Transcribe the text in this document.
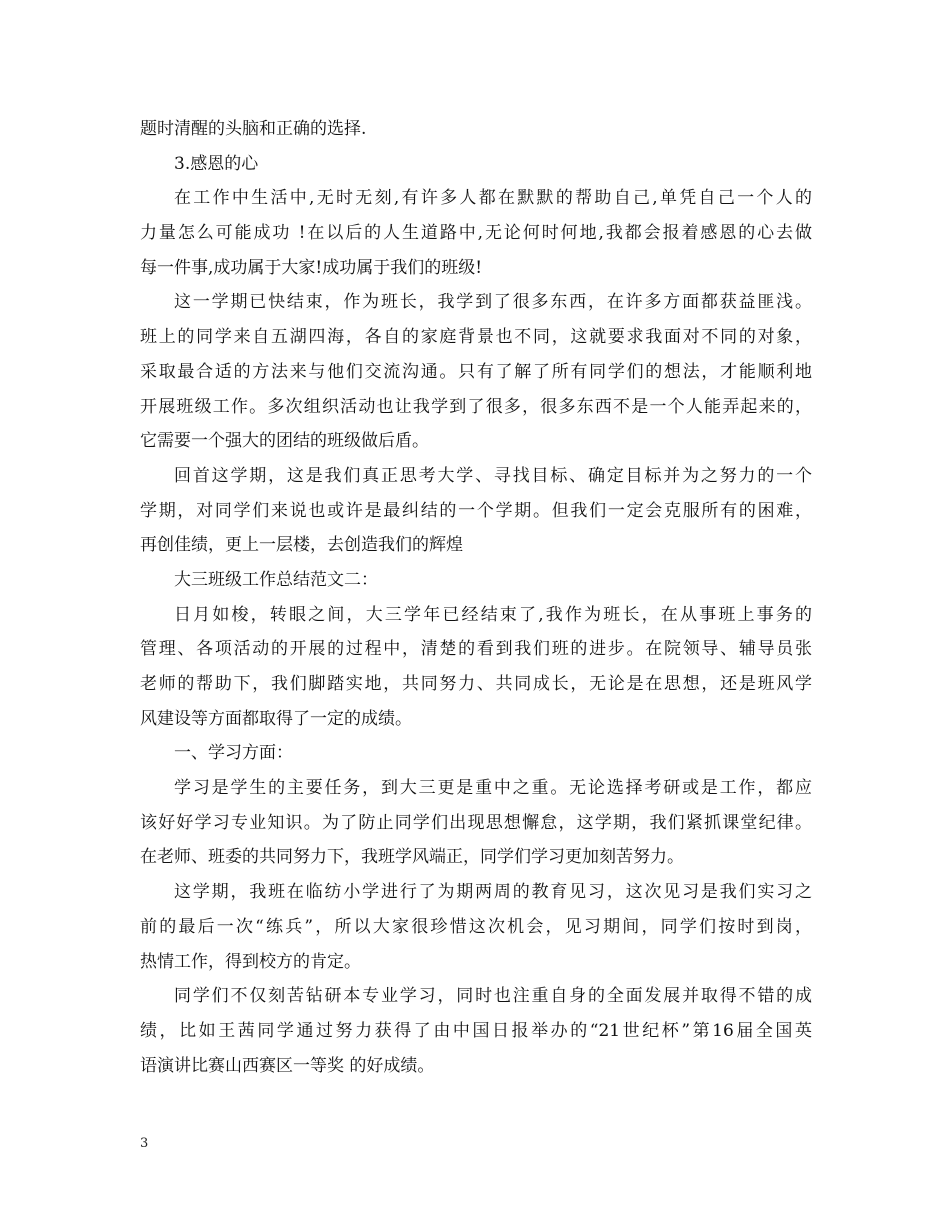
题时清醒的头脑和正确的选择.
3.感恩的心
在工作中生活中,无时无刻,有许多人都在默默的帮助自己,单凭自己一个人的
力量怎么可能成功 !在以后的人生道路中,无论何时何地,我都会报着感恩的心去做
每一件事,成功属于大家!成功属于我们的班级!
这一学期已快结束，作为班长，我学到了很多东西，在许多方面都获益匪浅。
班上的同学来自五湖四海，各自的家庭背景也不同，这就要求我面对不同的对象，
采取最合适的方法来与他们交流沟通。只有了解了所有同学们的想法，才能顺利地
开展班级工作。多次组织活动也让我学到了很多，很多东西不是一个人能弄起来的，
它需要一个强大的团结的班级做后盾。
回首这学期，这是我们真正思考大学、寻找目标、确定目标并为之努力的一个
学期，对同学们来说也或许是最纠结的一个学期。但我们一定会克服所有的困难，
再创佳绩，更上一层楼，去创造我们的辉煌
大三班级工作总结范文二：
日月如梭，转眼之间，大三学年已经结束了,我作为班长，在从事班上事务的
管理、各项活动的开展的过程中，清楚的看到我们班的进步。在院领导、辅导员张
老师的帮助下，我们脚踏实地，共同努力、共同成长，无论是在思想，还是班风学
风建设等方面都取得了一定的成绩。
一、学习方面：
学习是学生的主要任务，到大三更是重中之重。无论选择考研或是工作，都应
该好好学习专业知识。为了防止同学们出现思想懈怠，这学期，我们紧抓课堂纪律。
在老师、班委的共同努力下，我班学风端正，同学们学习更加刻苦努力。
这学期，我班在临纺小学进行了为期两周的教育见习，这次见习是我们实习之
前的最后一次“练兵”，所以大家很珍惜这次机会，见习期间，同学们按时到岗，
热情工作，得到校方的肯定。
同学们不仅刻苦钻研本专业学习，同时也注重自身的全面发展并取得不错的成
绩，比如王茜同学通过努力获得了由中国日报举办的“21世纪杯”第16届全国英
语演讲比赛山西赛区一等奖 的好成绩。
3
